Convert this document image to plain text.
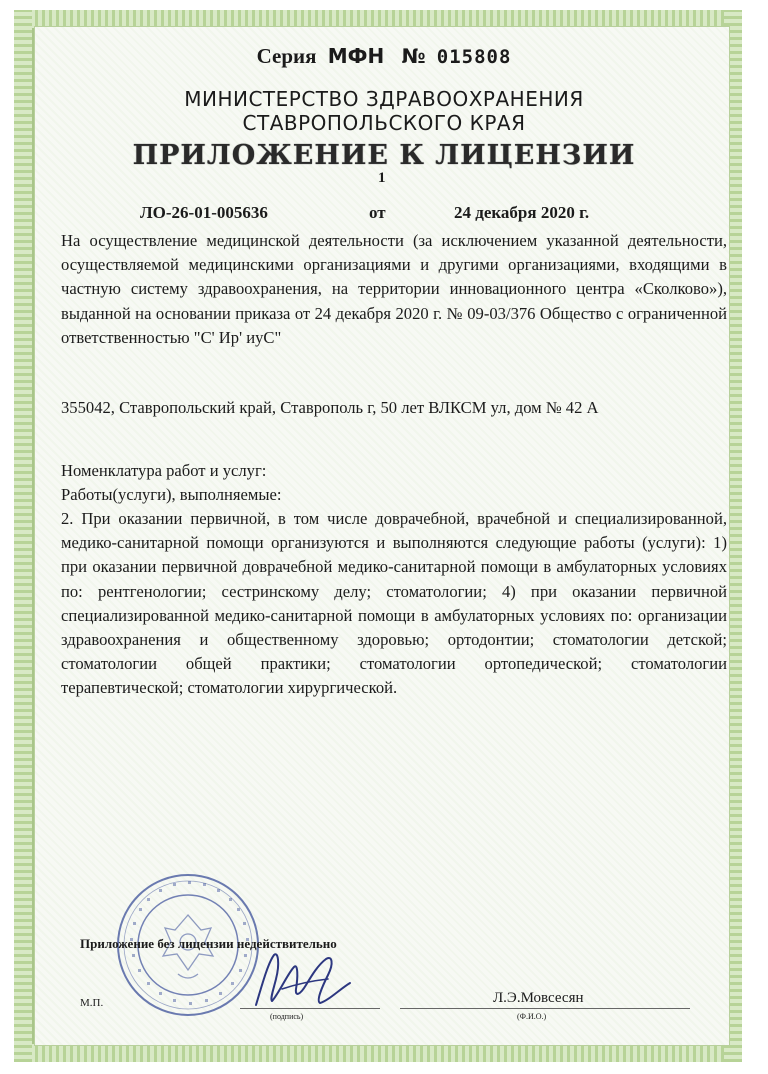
Серия МФН № 015808
МИНИСТЕРСТВО ЗДРАВООХРАНЕНИЯ
СТАВРОПОЛЬСКОГО КРАЯ
ПРИЛОЖЕНИЕ К ЛИЦЕНЗИИ
1
ЛО-26-01-005636	от	24 декабря 2020 г.
На осуществление медицинской деятельности (за исключением указанной деятельности, осуществляемой медицинскими организациями и другими организациями, входящими в частную систему здравоохранения, на территории инновационного центра «Сколково»), выданной на основании приказа от 24 декабря 2020 г. № 09-03/376 Общество с ограниченной ответственностью "С' Ир' иуС"
355042, Ставропольский край, Ставрополь г, 50 лет ВЛКСМ ул, дом № 42 А
Номенклатура работ и услуг:
Работы(услуги), выполняемые:
2. При оказании первичной, в том числе доврачебной, врачебной и специализированной, медико-санитарной помощи организуются и выполняются следующие работы (услуги): 1) при оказании первичной доврачебной медико-санитарной помощи в амбулаторных условиях по: рентгенологии; сестринскому делу; стоматологии; 4) при оказании первичной специализированной медико-санитарной помощи в амбулаторных условиях по: организации здравоохранения и общественному здоровью; ортодонтии; стоматологии детской; стоматологии общей практики; стоматологии ортопедической; стоматологии терапевтической; стоматологии хирургической.
Приложение без лицензии недействительно
М.П.
(подпись)
Л.Э.Мовсесян
(Ф.И.О.)
